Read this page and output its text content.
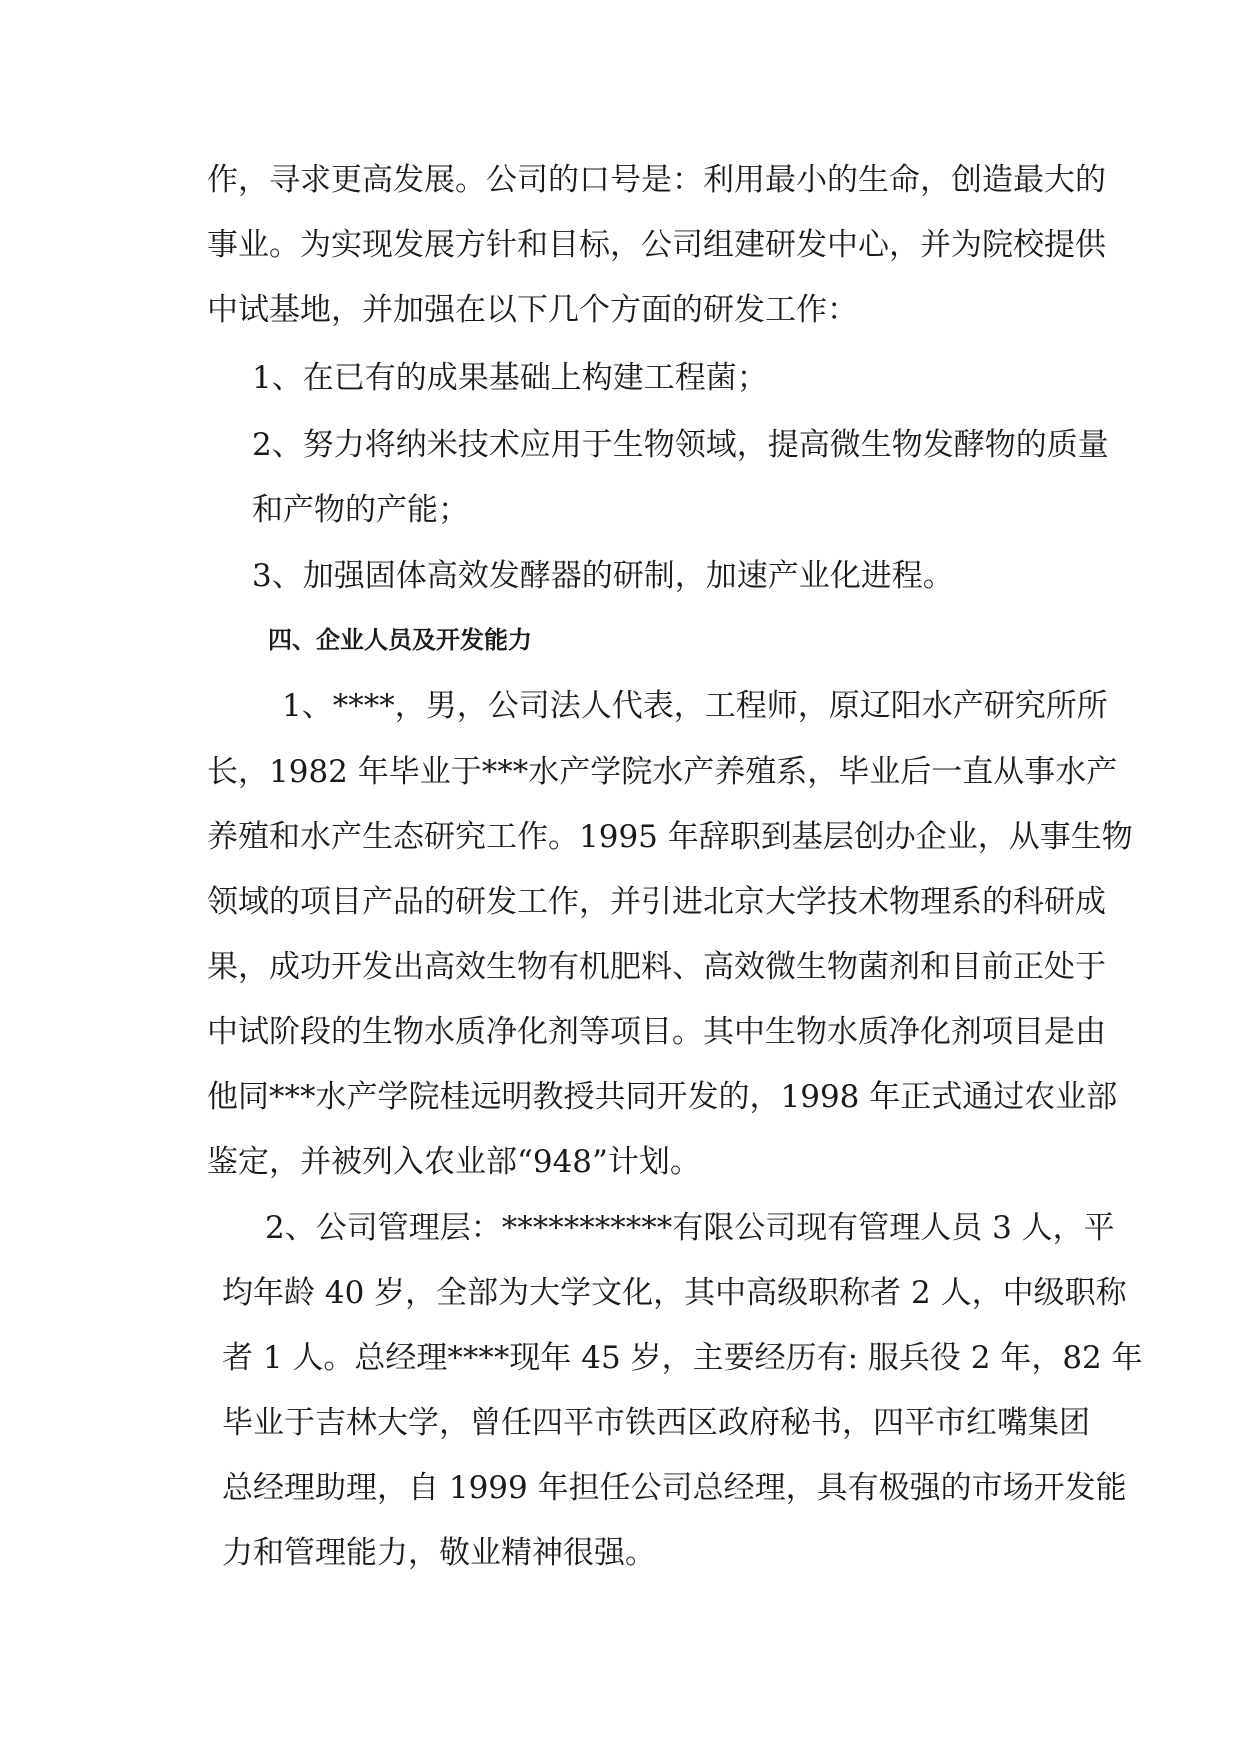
作，寻求更高发展。公司的口号是：利用最小的生命，创造最大的
事业。为实现发展方针和目标，公司组建研发中心，并为院校提供
中试基地，并加强在以下几个方面的研发工作：
1、在已有的成果基础上构建工程菌；
2、努力将纳米技术应用于生物领域，提高微生物发酵物的质量
和产物的产能；
3、加强固体高效发酵器的研制，加速产业化进程。
四、企业人员及开发能力
1、****，男，公司法人代表，工程师，原辽阳水产研究所所
长，1982 年毕业于***水产学院水产养殖系，毕业后一直从事水产
养殖和水产生态研究工作。1995 年辞职到基层创办企业，从事生物
领域的项目产品的研发工作，并引进北京大学技术物理系的科研成
果，成功开发出高效生物有机肥料、高效微生物菌剂和目前正处于
中试阶段的生物水质净化剂等项目。其中生物水质净化剂项目是由
他同***水产学院桂远明教授共同开发的，1998 年正式通过农业部
鉴定，并被列入农业部“948”计划。
2、公司管理层：***********有限公司现有管理人员 3 人，平
均年龄 40 岁，全部为大学文化，其中高级职称者 2 人，中级职称
者 1 人。总经理****现年 45 岁，主要经历有: 服兵役 2 年，82 年
毕业于吉林大学，曾任四平市铁西区政府秘书，四平市红嘴集团
总经理助理，自 1999 年担任公司总经理，具有极强的市场开发能
力和管理能力，敬业精神很强。
